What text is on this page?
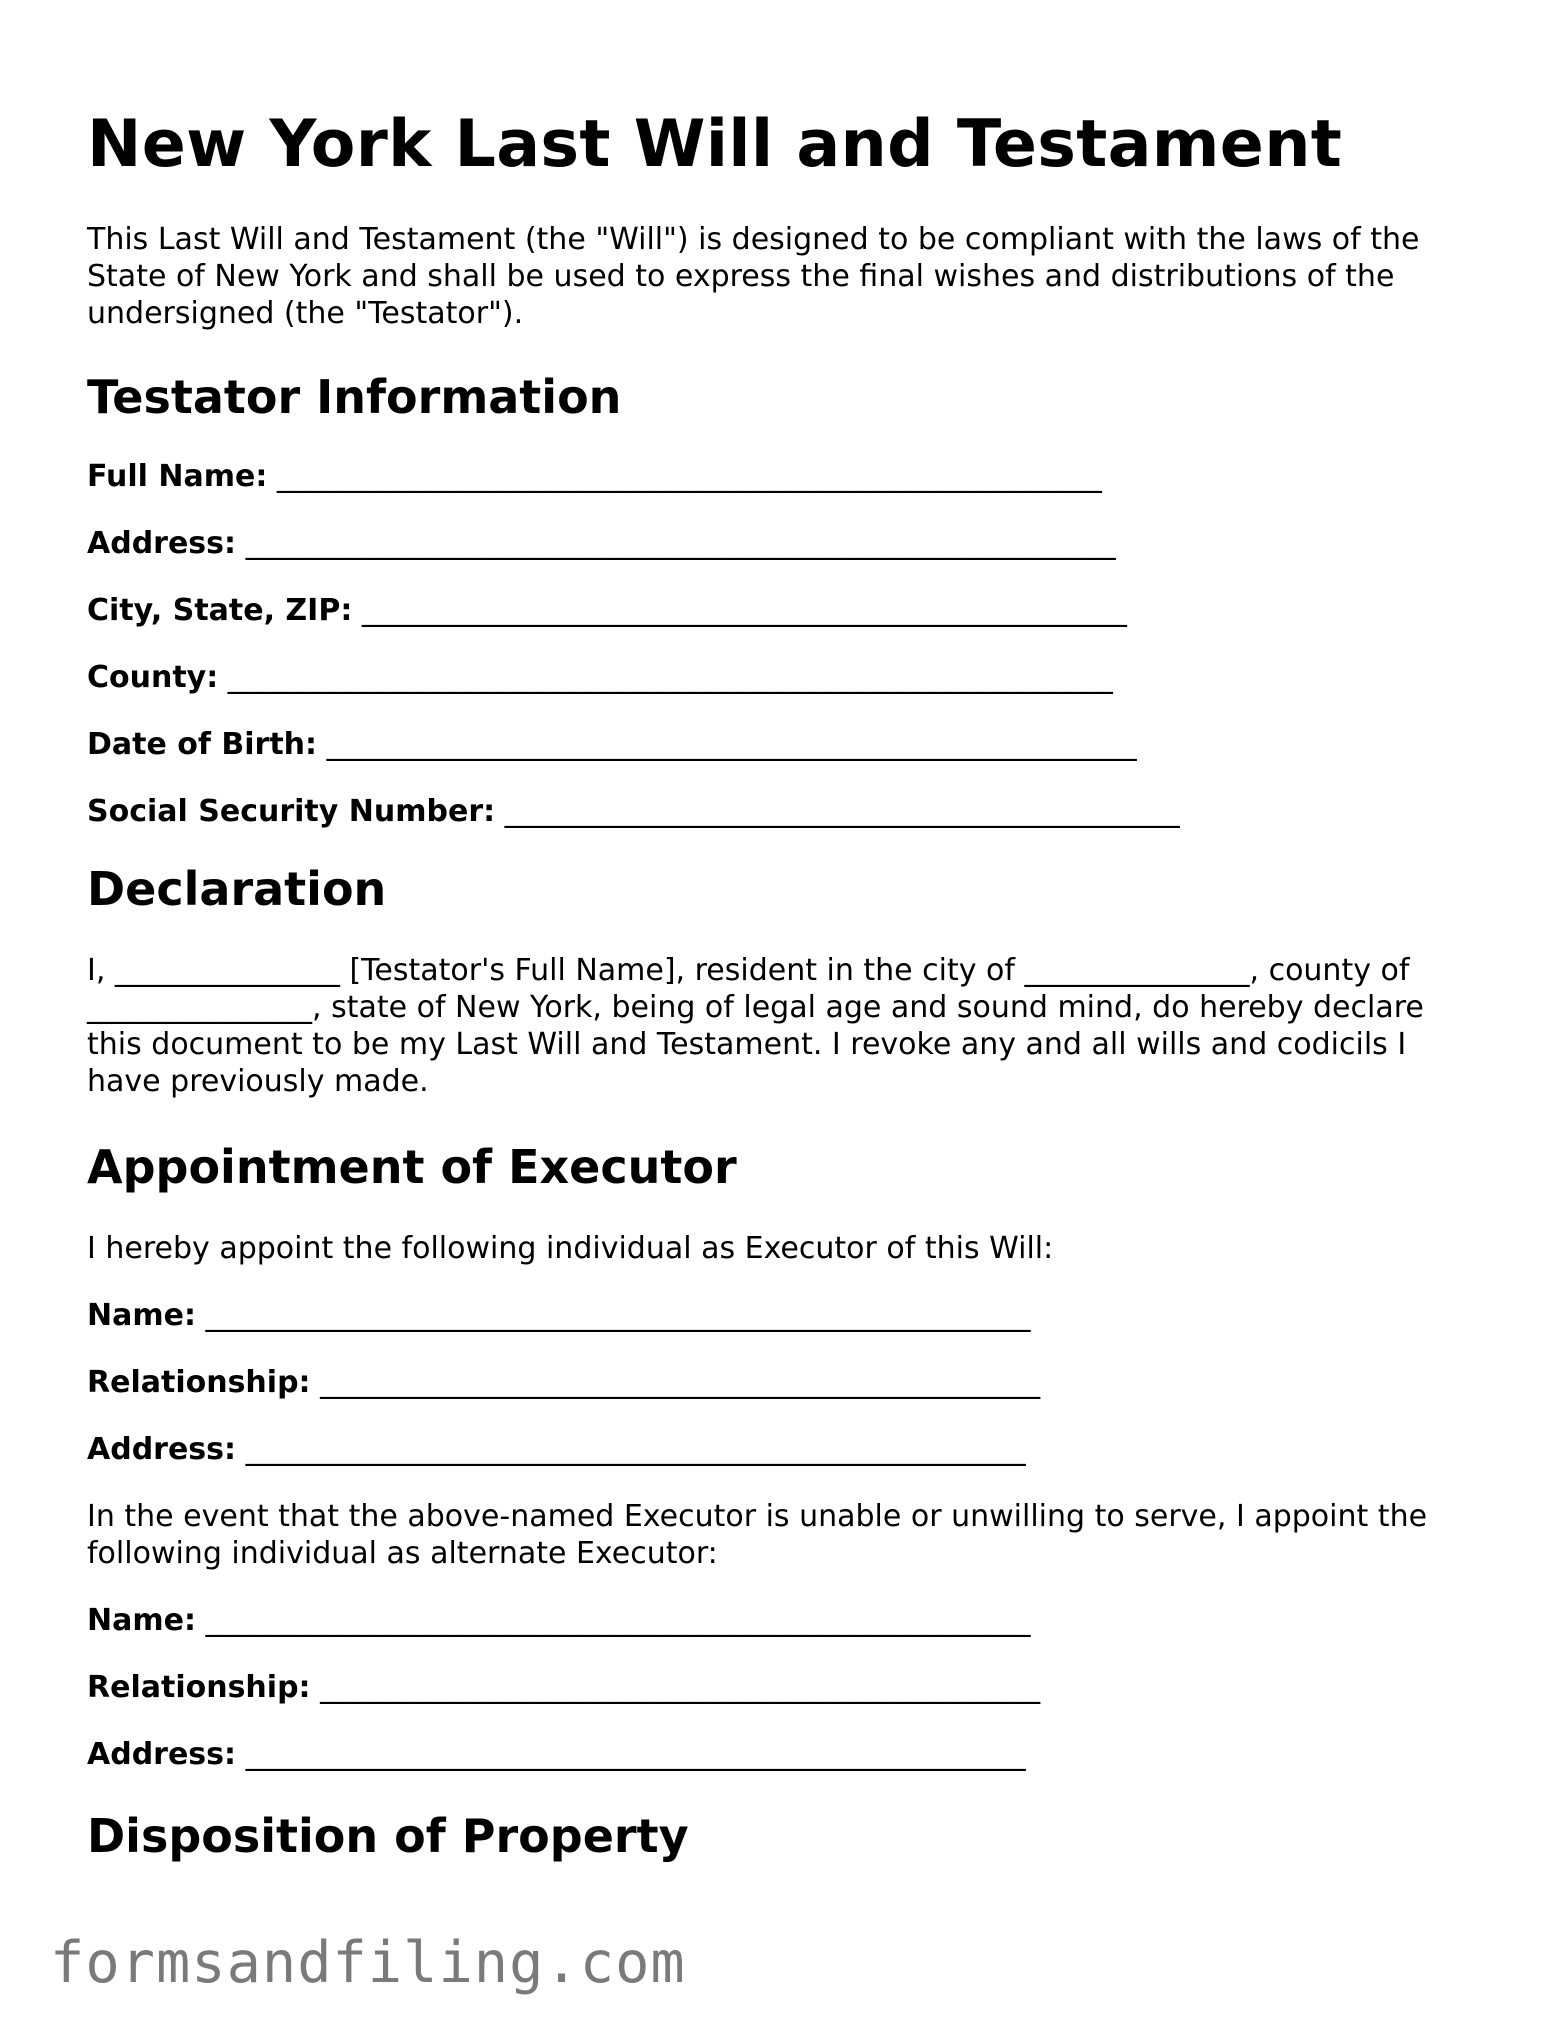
New York Last Will and Testament

This Last Will and Testament (the "Will") is designed to be compliant with the laws of the State of New York and shall be used to express the final wishes and distributions of the undersigned (the "Testator").

Testator Information
Full Name: _______________________________________________________
Address: __________________________________________________________
City, State, ZIP: ___________________________________________________
County: ___________________________________________________________
Date of Birth: ______________________________________________________
Social Security Number: _____________________________________________
Declaration

I, _______________ [Testator's Full Name], resident in the city of _______________, county of _______________, state of New York, being of legal age and sound mind, do hereby declare this document to be my Last Will and Testament. I revoke any and all wills and codicils I have previously made.

Appointment of Executor

I hereby appoint the following individual as Executor of this Will:

Name: _______________________________________________________
Relationship: ________________________________________________
Address: ____________________________________________________

In the event that the above-named Executor is unable or unwilling to serve, I appoint the following individual as alternate Executor:

Name: _______________________________________________________
Relationship: ________________________________________________
Address: ____________________________________________________
Disposition of Property
formsandfiling.com
